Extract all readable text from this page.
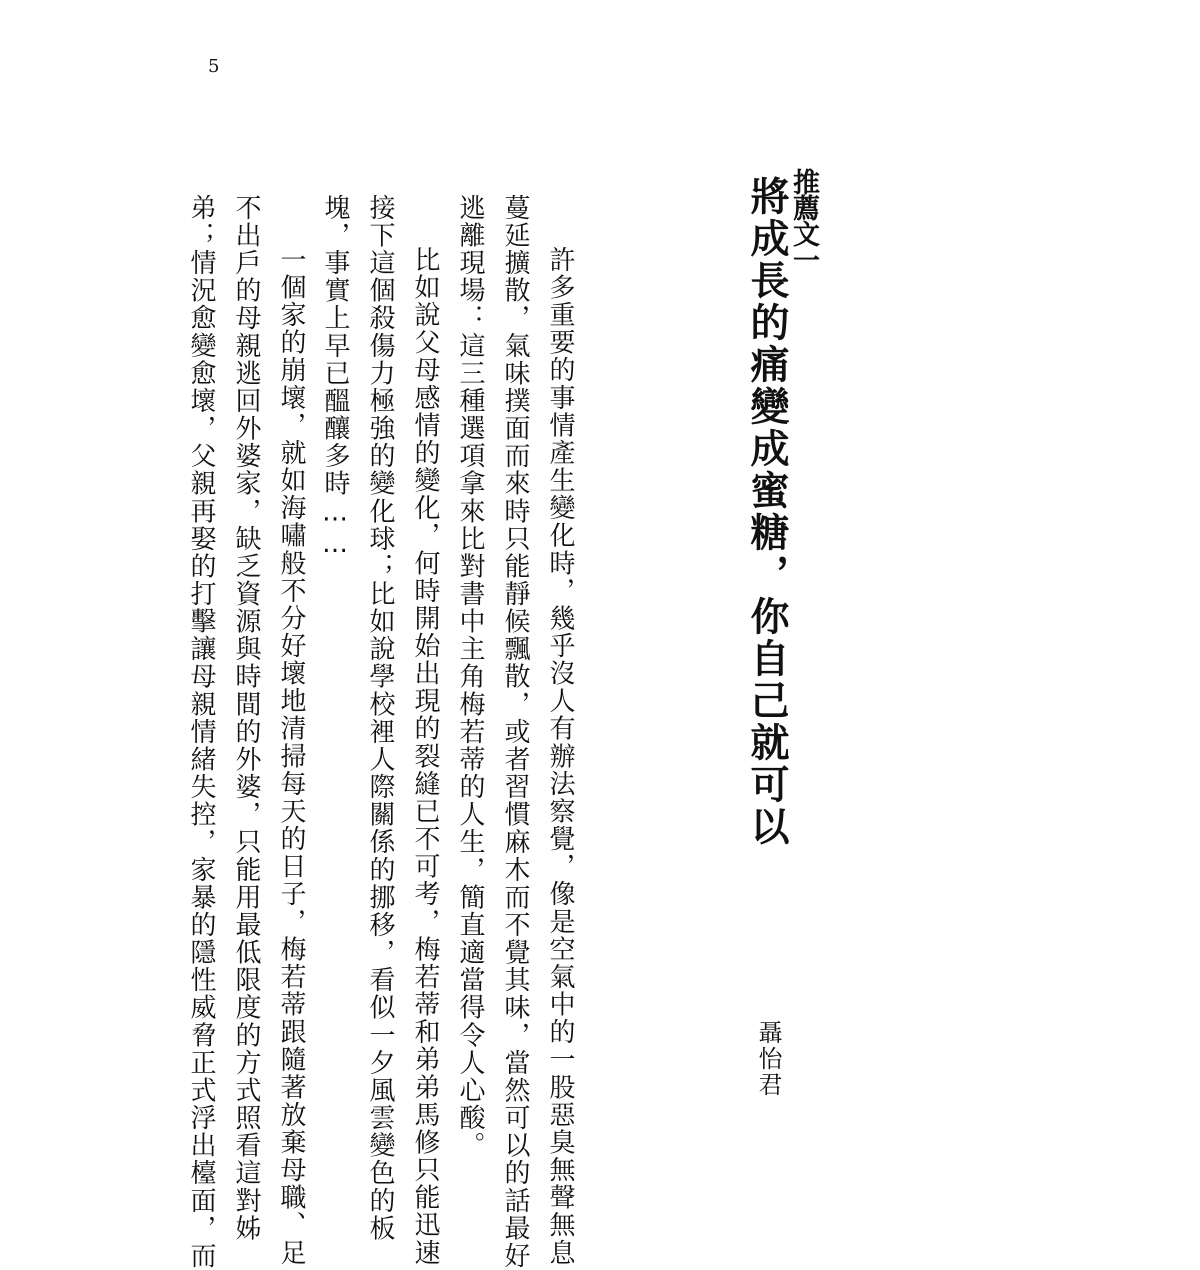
5
推薦文一
將成長的痛變成蜜糖，你自己就可以
聶怡君
許多重要的事情產生變化時，幾乎沒人有辦法察覺，像是空氣中的一股惡臭無聲無息
蔓延擴散，氣味撲面而來時只能靜候飄散，或者習慣麻木而不覺其味，當然可以的話最好
逃離現場：這三種選項拿來比對書中主角梅若蒂的人生，簡直適當得令人心酸。
比如說父母感情的變化，何時開始出現的裂縫已不可考，梅若蒂和弟弟馬修只能迅速
接下這個殺傷力極強的變化球；比如說學校裡人際關係的挪移，看似一夕風雲變色的板
塊，事實上早已醞釀多時……
一個家的崩壞，就如海嘯般不分好壞地清掃每天的日子，梅若蒂跟隨著放棄母職、足
不出戶的母親逃回外婆家，缺乏資源與時間的外婆，只能用最低限度的方式照看這對姊
弟；情況愈變愈壞，父親再娶的打擊讓母親情緒失控，家暴的隱性威脅正式浮出檯面，而
